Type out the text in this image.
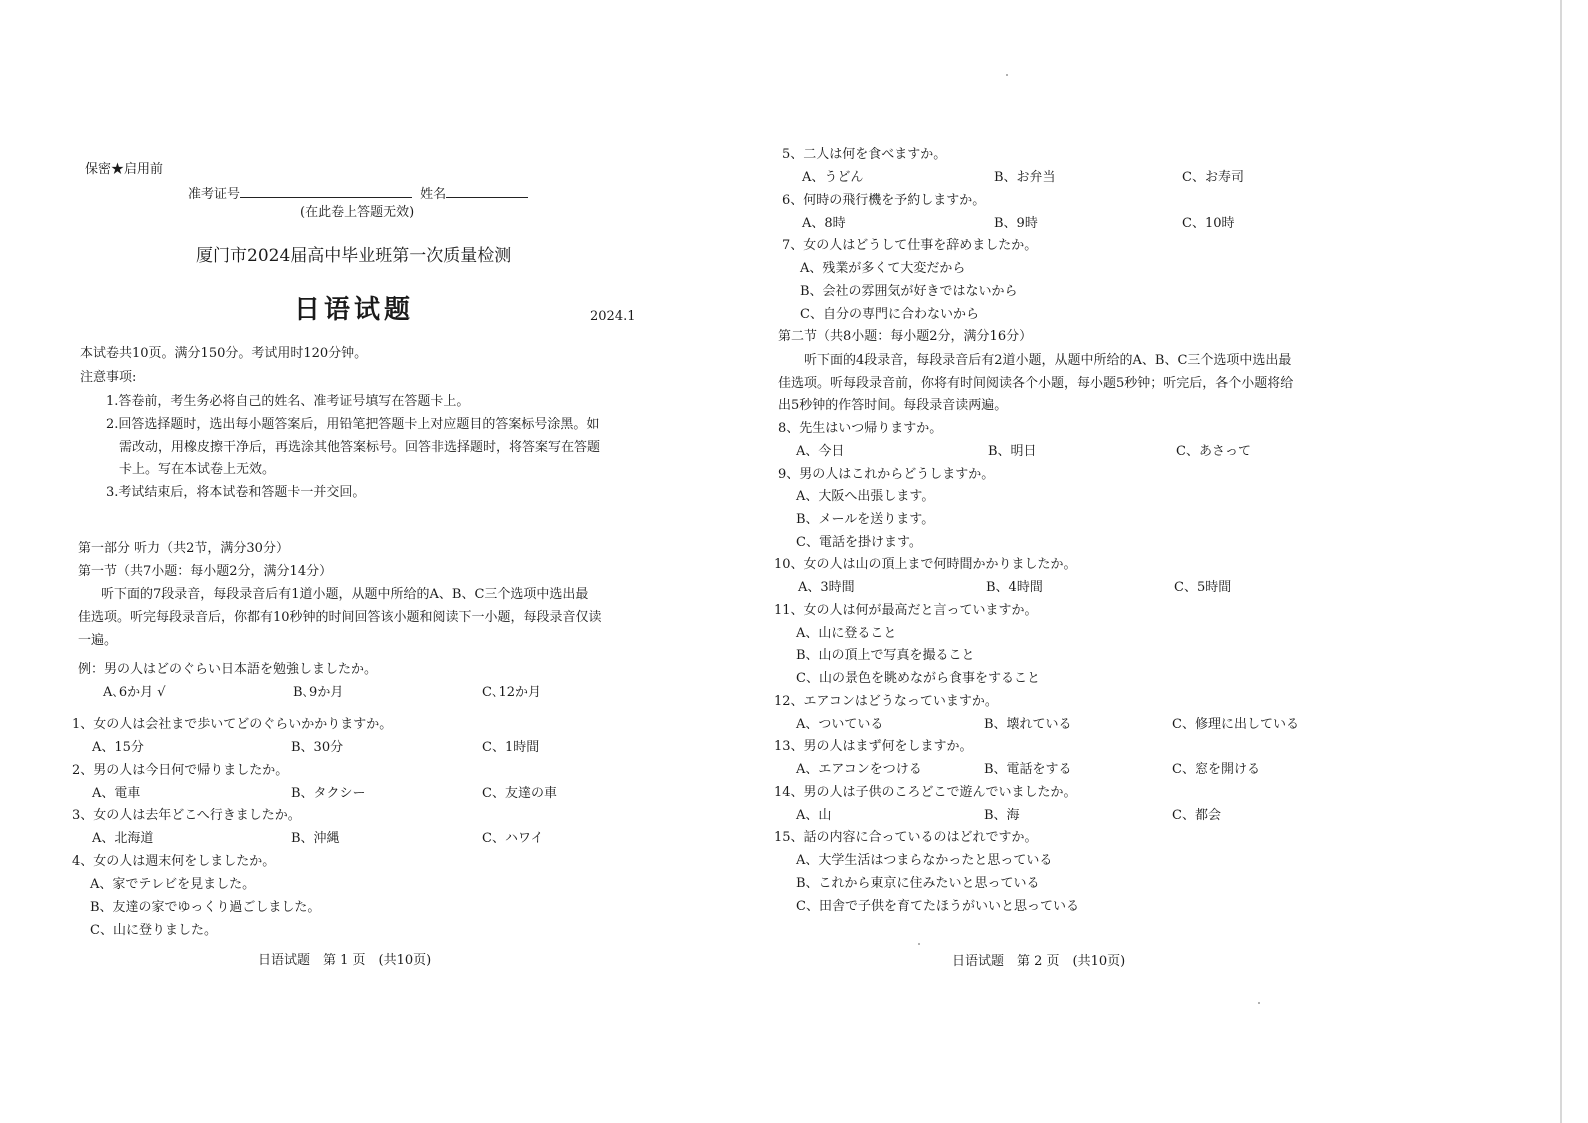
保密★启用前
准考证号	姓名
(在此卷上答题无效)
厦门市2024届高中毕业班第一次质量检测
日语试题	2024.1
本试卷共10页。满分150分。考试用时120分钟。
注意事项:
1.答卷前，考生务必将自己的姓名、准考证号填写在答题卡上。
2.回答选择题时，选出每小题答案后，用铅笔把答题卡上对应题目的答案标号涂黑。如
需改动，用橡皮擦干净后，再选涂其他答案标号。回答非选择题时，将答案写在答题
卡上。写在本试卷上无效。
3.考试结束后，将本试卷和答题卡一并交回。
第一部分 听力（共2节，满分30分）
第一节（共7小题：每小题2分，满分14分）
听下面的7段录音，每段录音后有1道小题，从题中所给的A、B、C三个选项中选出最
佳选项。听完每段录音后，你都有10秒钟的时间回答该小题和阅读下一小题，每段录音仅读
一遍。
例：男の人はどのぐらい日本語を勉強しましたか。
A､6か月 √	B､9か月	C､12か月
1、女の人は会社まで歩いてどのぐらいかかりますか。
A、15分	B、30分	C、1時間
2、男の人は今日何で帰りましたか。
A、電車	B、タクシー	C、友達の車
3、女の人は去年どこへ行きましたか。
A、北海道	B、沖縄	C、ハワイ
4、女の人は週末何をしましたか。
A、家でテレビを見ました。
B、友達の家でゆっくり過ごしました。
C、山に登りました。
日语试题　第 1 页　(共10页)
5、二人は何を食べますか。
A、うどん	B、お弁当	C、お寿司
6、何時の飛行機を予約しますか。
A、8時	B、9時	C、10時
7、女の人はどうして仕事を辞めましたか。
A、残業が多くて大変だから
B、会社の雰囲気が好きではないから
C、自分の専門に合わないから
第二节（共8小题：每小题2分，满分16分）
听下面的4段录音，每段录音后有2道小题，从题中所给的A、B、C三个选项中选出最
佳选项。听每段录音前，你将有时间阅读各个小题，每小题5秒钟；听完后，各个小题将给
出5秒钟的作答时间。每段录音读两遍。
8、先生はいつ帰りますか。
A、今日	B、明日	C、あさって
9、男の人はこれからどうしますか。
A、大阪へ出張します。
B、メールを送ります。
C、電話を掛けます。
10、女の人は山の頂上まで何時間かかりましたか。
A、3時間	B、4時間	C、5時間
11、女の人は何が最高だと言っていますか。
A、山に登ること
B、山の頂上で写真を撮ること
C、山の景色を眺めながら食事をすること
12、エアコンはどうなっていますか。
A、ついている	B、壊れている	C、修理に出している
13、男の人はまず何をしますか。
A、エアコンをつける	B、電話をする	C、窓を開ける
14、男の人は子供のころどこで遊んでいましたか。
A、山	B、海	C、都会
15、話の内容に合っているのはどれですか。
A、大学生活はつまらなかったと思っている
B、これから東京に住みたいと思っている
C、田舎で子供を育てたほうがいいと思っている
日语试题　第 2 页　(共10页)
